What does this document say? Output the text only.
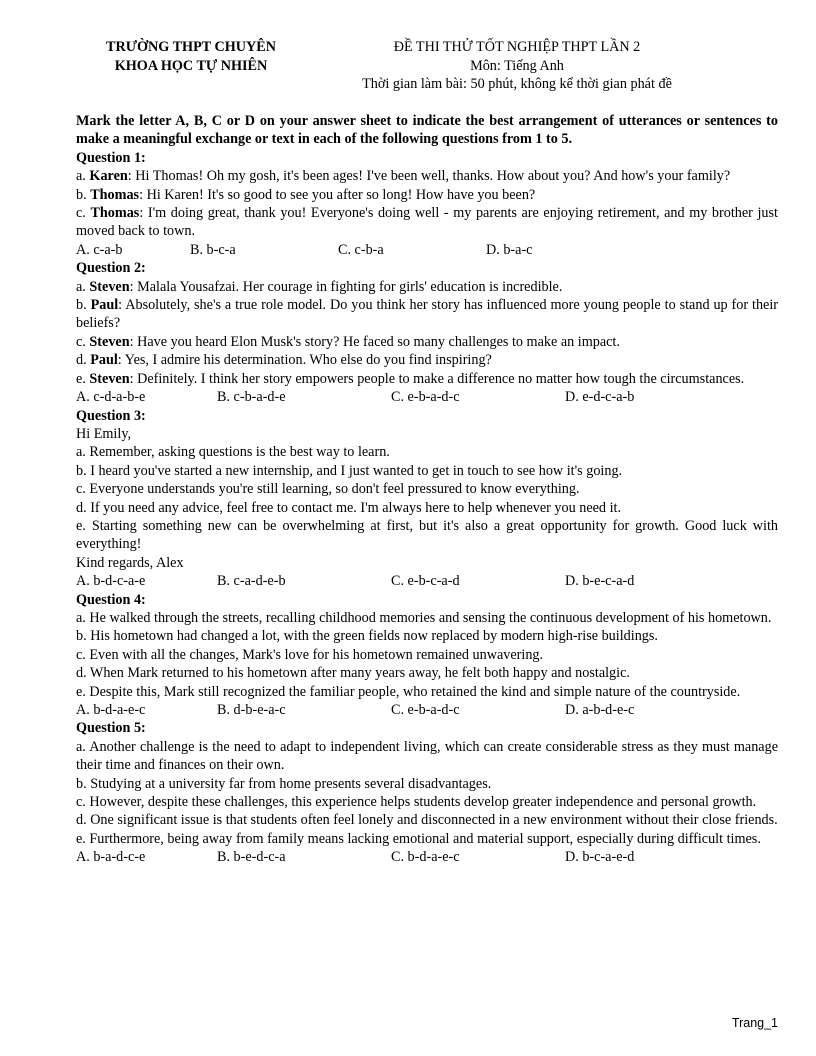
TRƯỜNG THPT CHUYÊN
KHOA HỌC TỰ NHIÊN
ĐỀ THI THỬ TỐT NGHIỆP THPT LẦN 2
Môn: Tiếng Anh
Thời gian làm bài: 50 phút, không kể thời gian phát đề
Mark the letter A, B, C or D on your answer sheet to indicate the best arrangement of utterances or sentences to make a meaningful exchange or text in each of the following questions from 1 to 5.
Question 1:
a. Karen: Hi Thomas! Oh my gosh, it's been ages! I've been well, thanks. How about you? And how's your family?
b. Thomas: Hi Karen! It's so good to see you after so long! How have you been?
c. Thomas: I'm doing great, thank you! Everyone's doing well - my parents are enjoying retirement, and my brother just moved back to town.
A. c-a-b	B. b-c-a	C. c-b-a	D. b-a-c
Question 2:
a. Steven: Malala Yousafzai. Her courage in fighting for girls' education is incredible.
b. Paul: Absolutely, she's a true role model. Do you think her story has influenced more young people to stand up for their beliefs?
c. Steven: Have you heard Elon Musk's story? He faced so many challenges to make an impact.
d. Paul: Yes, I admire his determination. Who else do you find inspiring?
e. Steven: Definitely. I think her story empowers people to make a difference no matter how tough the circumstances.
A. c-d-a-b-e	B. c-b-a-d-e	C. e-b-a-d-c	D. e-d-c-a-b
Question 3:
Hi Emily,
a. Remember, asking questions is the best way to learn.
b. I heard you've started a new internship, and I just wanted to get in touch to see how it's going.
c. Everyone understands you're still learning, so don't feel pressured to know everything.
d. If you need any advice, feel free to contact me. I'm always here to help whenever you need it.
e. Starting something new can be overwhelming at first, but it's also a great opportunity for growth. Good luck with everything!
Kind regards, Alex
A. b-d-c-a-e	B. c-a-d-e-b	C. e-b-c-a-d	D. b-e-c-a-d
Question 4:
a. He walked through the streets, recalling childhood memories and sensing the continuous development of his hometown.
b. His hometown had changed a lot, with the green fields now replaced by modern high-rise buildings.
c. Even with all the changes, Mark's love for his hometown remained unwavering.
d. When Mark returned to his hometown after many years away, he felt both happy and nostalgic.
e. Despite this, Mark still recognized the familiar people, who retained the kind and simple nature of the countryside.
A. b-d-a-e-c	B. d-b-e-a-c	C. e-b-a-d-c	D. a-b-d-e-c
Question 5:
a. Another challenge is the need to adapt to independent living, which can create considerable stress as they must manage their time and finances on their own.
b. Studying at a university far from home presents several disadvantages.
c. However, despite these challenges, this experience helps students develop greater independence and personal growth.
d. One significant issue is that students often feel lonely and disconnected in a new environment without their close friends.
e. Furthermore, being away from family means lacking emotional and material support, especially during difficult times.
A. b-a-d-c-e	B. b-e-d-c-a	C. b-d-a-e-c	D. b-c-a-e-d
Trang_1
